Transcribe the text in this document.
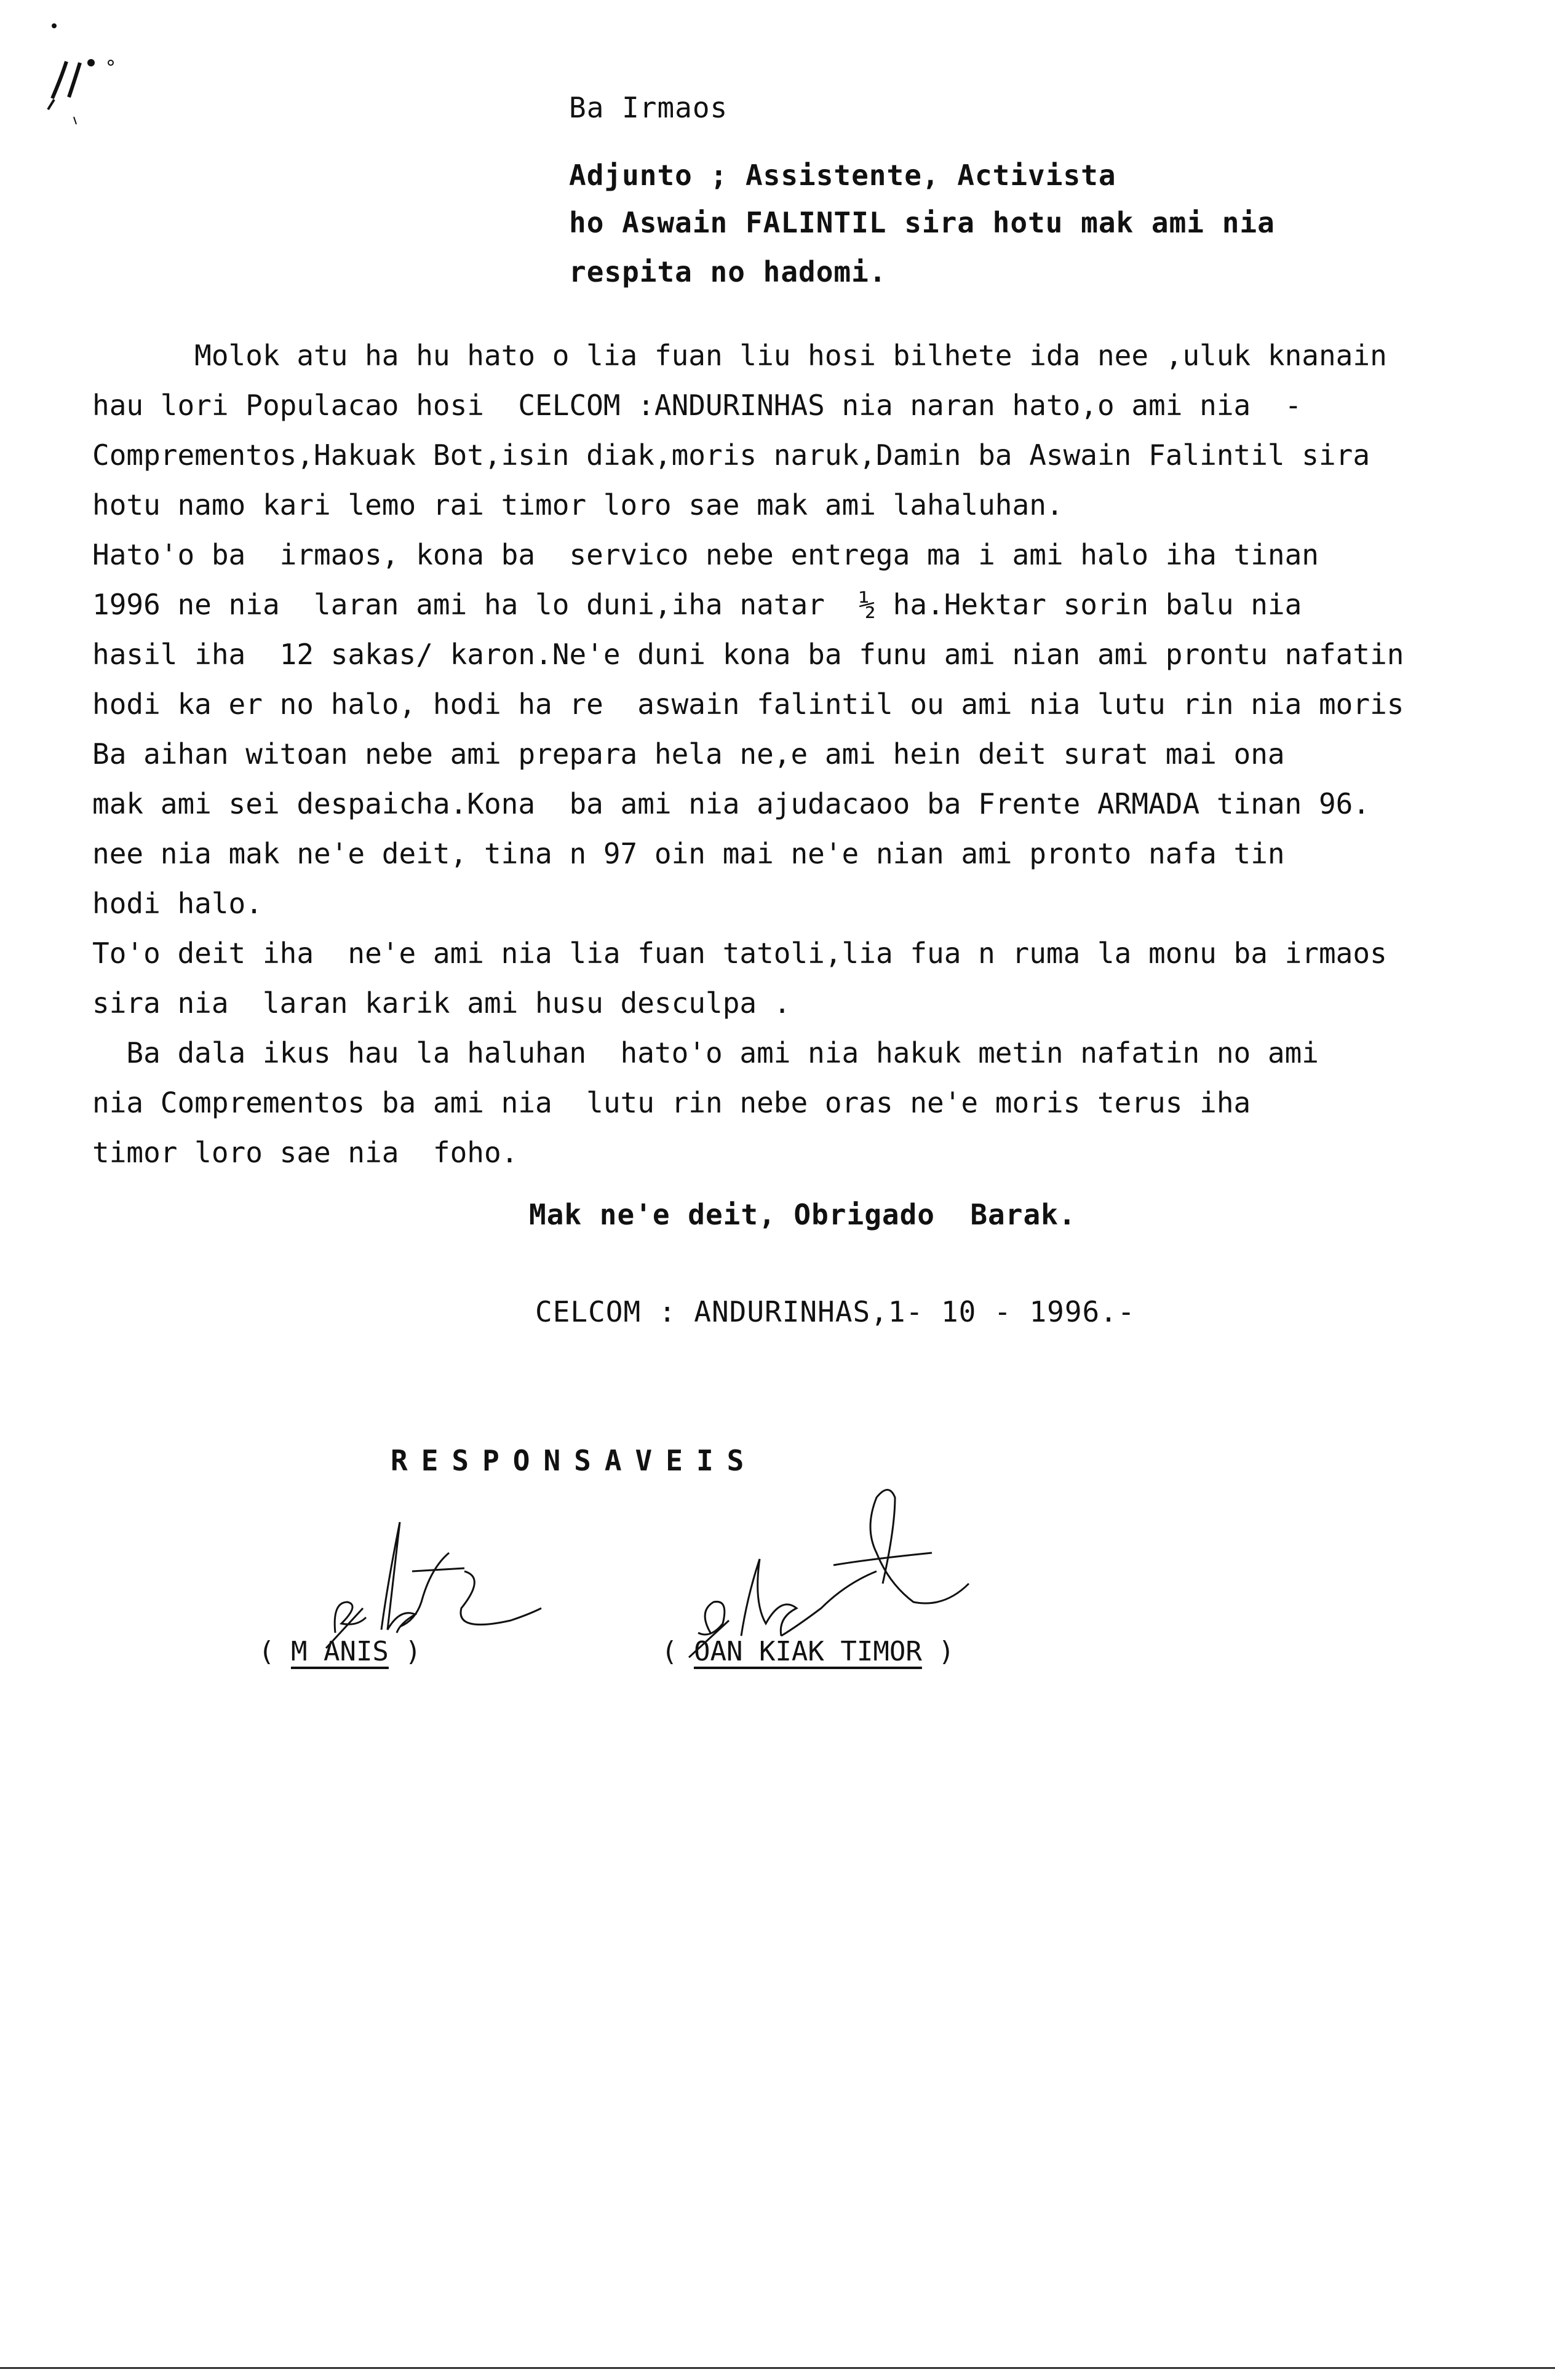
Ba Irmaos
Adjunto ; Assistente, Activista
ho Aswain FALINTIL sira hotu mak ami nia
respita no hadomi.
Molok atu ha hu hato o lia fuan liu hosi bilhete ida nee ,uluk knanain
hau lori Populacao hosi  CELCOM :ANDURINHAS nia naran hato,o ami nia  -
Comprementos,Hakuak Bot,isin diak,moris naruk,Damin ba Aswain Falintil sira
hotu namo kari lemo rai timor loro sae mak ami lahaluhan.
Hato'o ba  irmaos, kona ba  servico nebe entrega ma i ami halo iha tinan
1996 ne nia  laran ami ha lo duni,iha natar  ½ ha.Hektar sorin balu nia
hasil iha  12 sakas/ karon.Ne'e duni kona ba funu ami nian ami prontu nafatin
hodi ka er no halo, hodi ha re  aswain falintil ou ami nia lutu rin nia moris
Ba aihan witoan nebe ami prepara hela ne,e ami hein deit surat mai ona
mak ami sei despaicha.Kona  ba ami nia ajudacaoo ba Frente ARMADA tinan 96.
nee nia mak ne'e deit, tina n 97 oin mai ne'e nian ami pronto nafa tin
hodi halo.
To'o deit iha  ne'e ami nia lia fuan tatoli,lia fua n ruma la monu ba irmaos
sira nia  laran karik ami husu desculpa .
Ba dala ikus hau la haluhan  hato'o ami nia hakuk metin nafatin no ami
nia Comprementos ba ami nia  lutu rin nebe oras ne'e moris terus iha
timor loro sae nia  foho.
Mak ne'e deit, Obrigado  Barak.
CELCOM : ANDURINHAS,1- 10 - 1996.-
RESPONSAVEIS
( M ANIS )	( OAN KIAK TIMOR )
